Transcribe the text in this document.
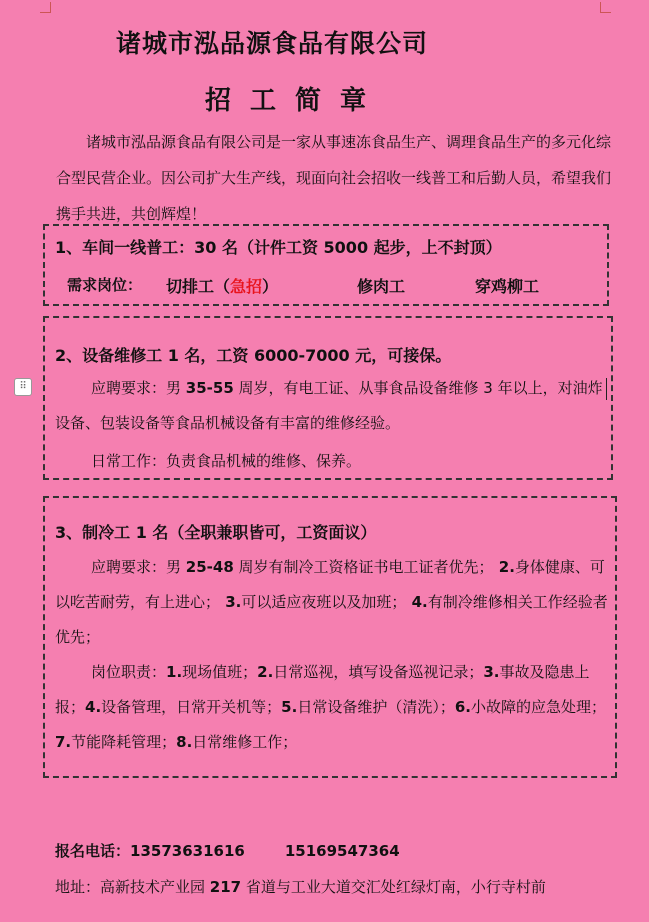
诸城市泓品源食品有限公司
招工简章

诸城市泓品源食品有限公司是一家从事速冻食品生产、调理食品生产的多元化综合型民营企业。因公司扩大生产线，现面向社会招收一线普工和后勤人员，希望我们携手共进，共创辉煌！

1、车间一线普工：30 名（计件工资 5000 起步，上不封顶）
需求岗位： 切排工（急招）	修肉工	穿鸡柳工
2、设备维修工 1 名，工资 6000-7000 元，可接保。

应聘要求：男 35-55 周岁，有电工证、从事食品设备维修 3 年以上，对油炸设备、包装设备等食品机械设备有丰富的维修经验。

日常工作：负责食品机械的维修、保养。
⠿
3、制冷工 1 名（全职兼职皆可，工资面议）

应聘要求：男 25-48 周岁有制冷工资格证书电工证者优先； 2.身体健康、可以吃苦耐劳，有上进心； 3.可以适应夜班以及加班； 4.有制冷维修相关工作经验者优先；

岗位职责：1.现场值班；2.日常巡视，填写设备巡视记录；3.事故及隐患上报；4.设备管理，日常开关机等；5.日常设备维护（清洗）；6.小故障的应急处理；7.节能降耗管理；8.日常维修工作；

报名电话：13573631616	15169547364
地址：高新技术产业园 217 省道与工业大道交汇处红绿灯南，小行寺村前
